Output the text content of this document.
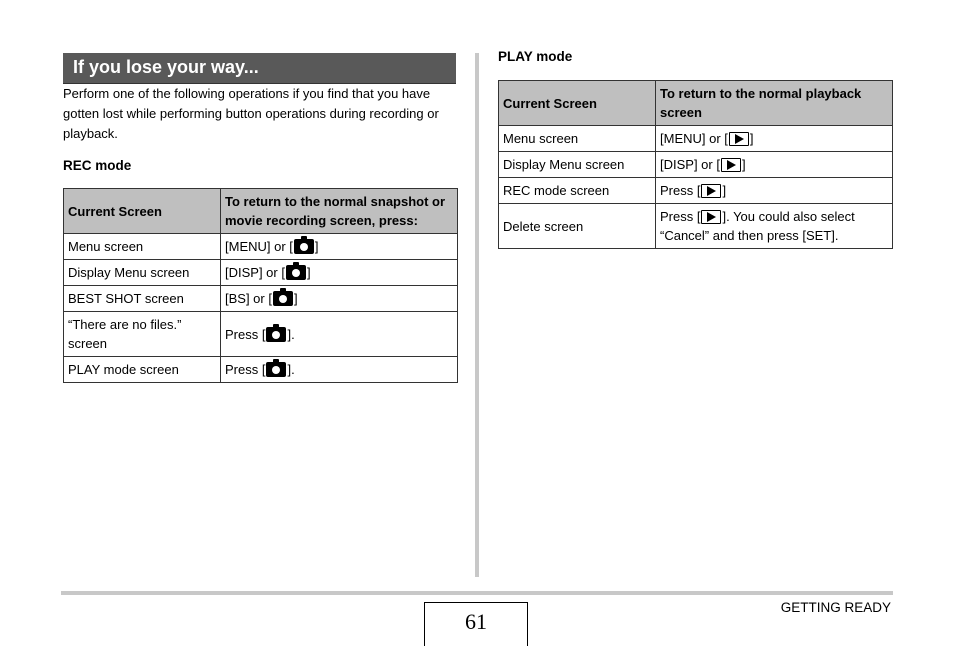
If you lose your way...

Perform one of the following operations if you find that you have gotten lost while performing button operations during recording or playback.

REC mode
Current Screen	To return to the normal snapshot or movie recording screen, press:
Menu screen	[MENU] or [ ]
Display Menu screen	[DISP] or [ ]
BEST SHOT screen	[BS] or [ ]
“There are no files.” screen	Press [ ].
PLAY mode screen	Press [ ].
PLAY mode
Current Screen	To return to the normal playback screen
Menu screen	[MENU] or [ ]
Display Menu screen	[DISP] or [ ]
REC mode screen	Press [ ]
Delete screen	Press [ ]. You could also select “Cancel” and then press [SET].
61
GETTING READY
